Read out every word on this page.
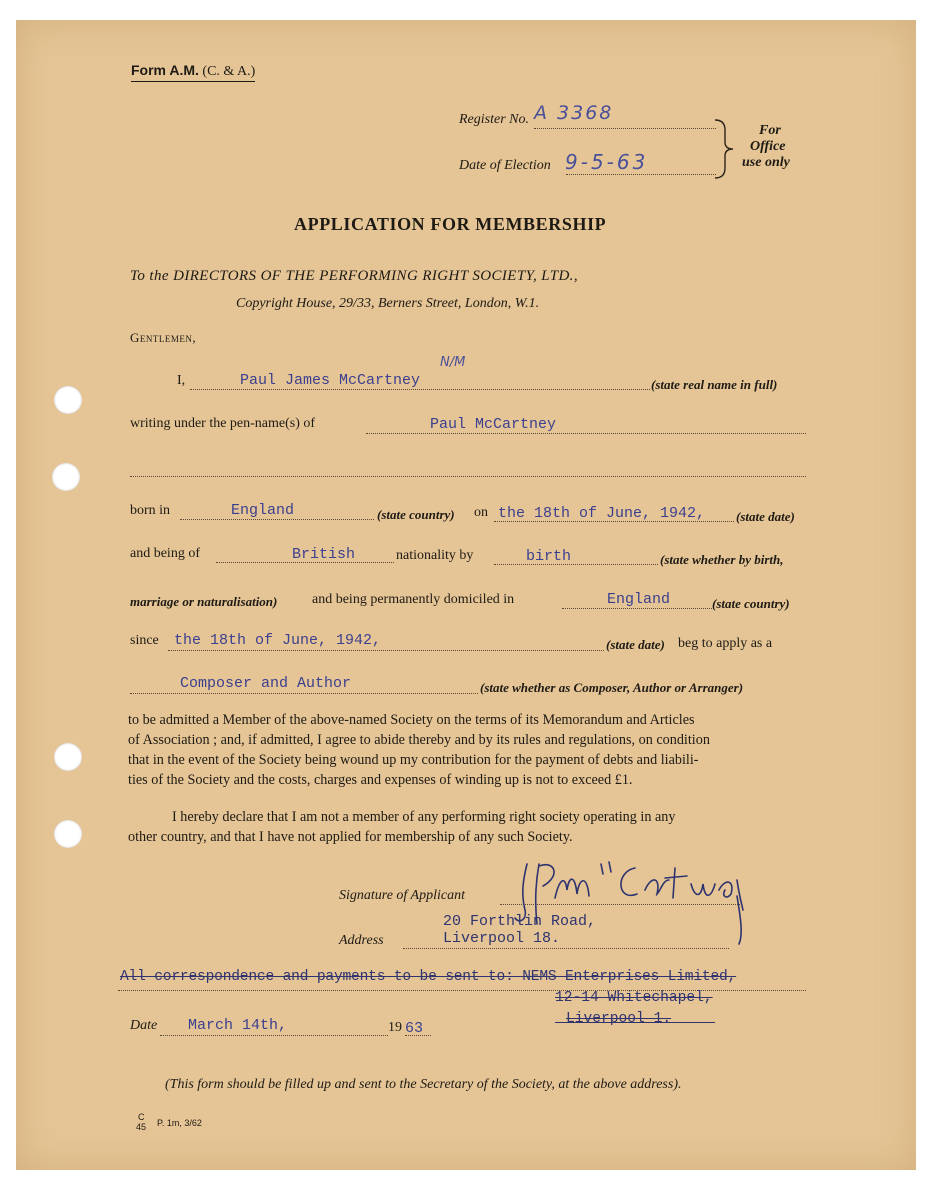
Form A.M. (C. & A.)
Register No. A 3368
Date of Election 9-5-63
For
Office
use only
APPLICATION FOR MEMBERSHIP
To the DIRECTORS OF THE PERFORMING RIGHT SOCIETY, LTD.,
Copyright House, 29/33, Berners Street, London, W.1.
Gentlemen,
I,	Paul James McCartney
N/M
(state real name in full)
writing under the pen-name(s) of	Paul McCartney
born in	England	(state country) on the 18th of June, 1942, (state date)
and being of	British	nationality by	birth	(state whether by birth,
marriage or naturalisation) and being permanently domiciled in	England	(state country)
since the 18th of June, 1942,	(state date) beg to apply as a
Composer and Author	(state whether as Composer, Author or Arranger)
to be admitted a Member of the above-named Society on the terms of its Memorandum and Articles
of Association ; and, if admitted, I agree to abide thereby and by its rules and regulations, on condition
that in the event of the Society being wound up my contribution for the payment of debts and liabili-
ties of the Society and the costs, charges and expenses of winding up is not to exceed £1.
I hereby declare that I am not a member of any performing right society operating in any
other country, and that I have not applied for membership of any such Society.
Signature of Applicant
20 Forthlin Road,
Address	Liverpool 18.
All correspondence and payments to be sent to: NEMS Enterprises Limited,
12-14 Whitechapel,
Liverpool 1.
Date March 14th,	19 63
(This form should be filled up and sent to the Secretary of the Society, at the above address).
C
45 P. 1m, 3/62
